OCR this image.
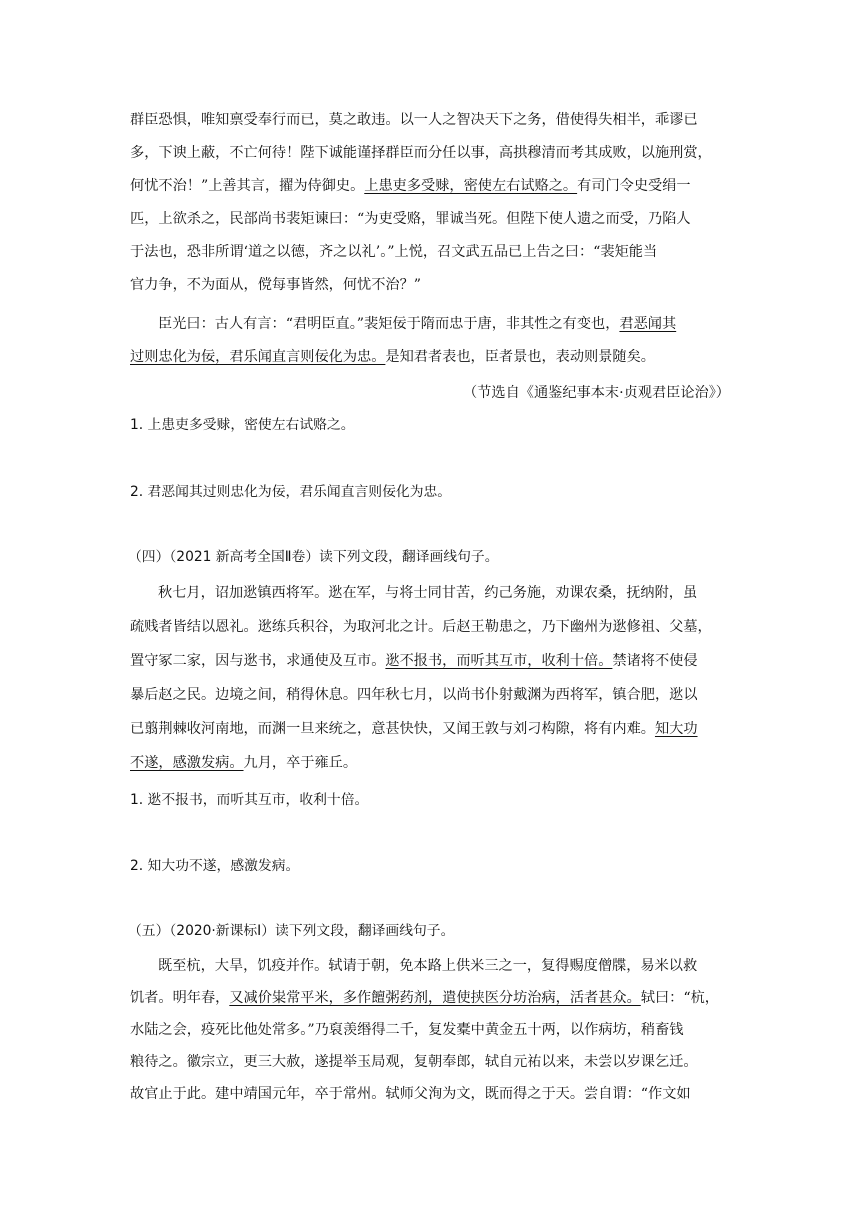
群臣恐惧，唯知禀受奉行而已，莫之敢违。以一人之智决天下之务，借使得失相半，乖谬已
多，下谀上蔽，不亡何待！陛下诚能谨择群臣而分任以事，高拱穆清而考其成败，以施刑赏，
何忧不治！”上善其言，擢为侍御史。上患吏多受赇，密使左右试赂之。有司门令史受绢一
匹，上欲杀之，民部尚书裴矩谏曰：“为吏受赂，罪诚当死。但陛下使人遗之而受，乃陷人
于法也，恐非所谓‘道之以德，齐之以礼’。”上悦，召文武五品已上告之曰：“裴矩能当
官力争，不为面从，傥每事皆然，何忧不治？”
臣光曰：古人有言：“君明臣直。”裴矩佞于隋而忠于唐，非其性之有变也，君恶闻其
过则忠化为佞，君乐闻直言则佞化为忠。是知君者表也，臣者景也，表动则景随矣。
（节选自《通鉴纪事本末·贞观君臣论治》）
1. 上患吏多受赇，密使左右试赂之。
2. 君恶闻其过则忠化为佞，君乐闻直言则佞化为忠。
（四）（2021 新高考全国Ⅱ卷）读下列文段，翻译画线句子。
秋七月，诏加逖镇西将军。逖在军，与将士同甘苦，约己务施，劝课农桑，抚纳附，虽
疏贱者皆结以恩礼。逖练兵积谷，为取河北之计。后赵王勒患之，乃下幽州为逖修祖、父墓，
置守冢二家，因与逖书，求通使及互市。逖不报书，而听其互市，收利十倍。禁诸将不使侵
暴后赵之民。边境之间，稍得休息。四年秋七月，以尚书仆射戴渊为西将军，镇合肥，逖以
已翦荆棘收河南地，而渊一旦来统之，意甚快快，又闻王敦与刘刁构隙，将有内难。知大功
不遂，感激发病。九月，卒于雍丘。
1. 逖不报书，而听其互市，收利十倍。
2. 知大功不遂，感激发病。
（五）（2020·新课标Ⅰ）读下列文段，翻译画线句子。
既至杭，大旱，饥疫并作。轼请于朝，免本路上供米三之一，复得赐度僧牒，易米以救
饥者。明年春，又减价粜常平米，多作饘粥药剂，遣使挟医分坊治病，活者甚众。轼曰：“杭，
水陆之会，疫死比他处常多。”乃裒羡缗得二千，复发橐中黄金五十两，以作病坊，稍畜钱
粮待之。徽宗立，更三大赦，遂提举玉局观，复朝奉郎，轼自元祐以来，未尝以岁课乞迁。
故官止于此。建中靖国元年，卒于常州。轼师父洵为文，既而得之于天。尝自谓：“作文如
